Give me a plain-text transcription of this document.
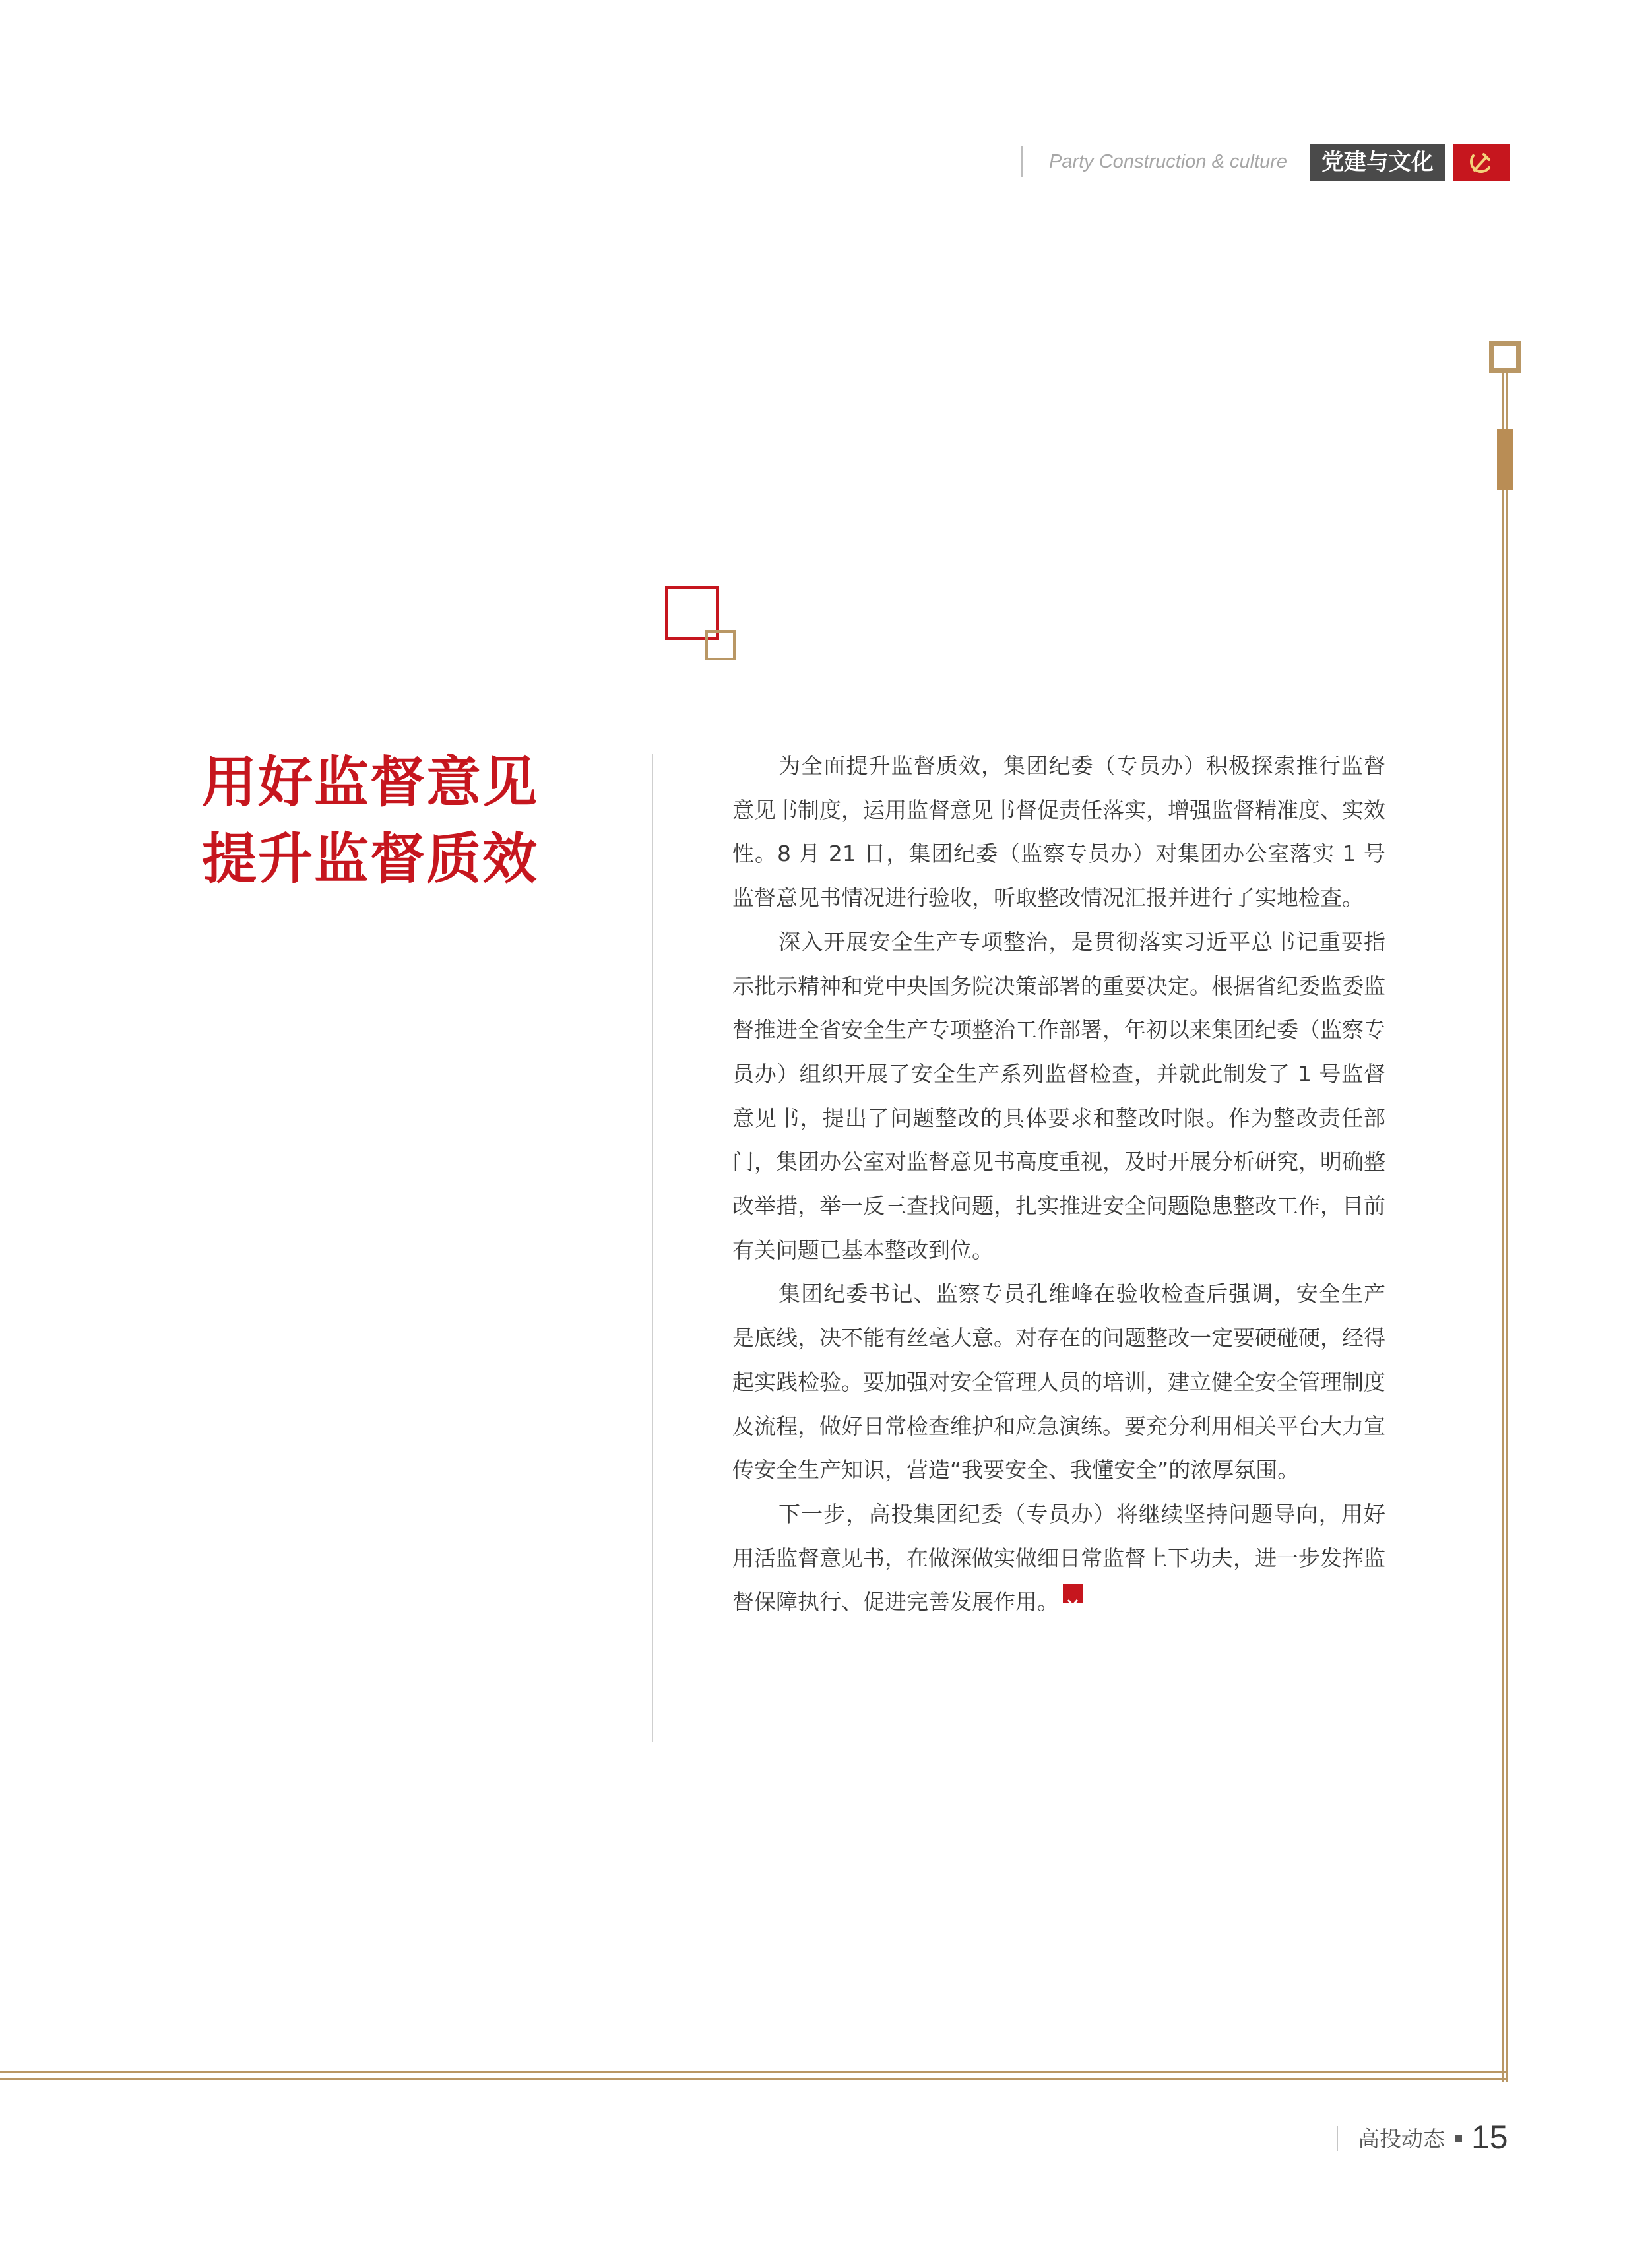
Party Construction & culture	党建与文化
用好监督意见
提升监督质效

为全面提升监督质效，集团纪委（专员办）积极探索推行监督意见书制度，运用监督意见书督促责任落实，增强监督精准度、实效性。8 月 21 日，集团纪委（监察专员办）对集团办公室落实 1 号监督意见书情况进行验收，听取整改情况汇报并进行了实地检查。

深入开展安全生产专项整治，是贯彻落实习近平总书记重要指示批示精神和党中央国务院决策部署的重要决定。根据省纪委监委监督推进全省安全生产专项整治工作部署，年初以来集团纪委（监察专员办）组织开展了安全生产系列监督检查，并就此制发了 1 号监督意见书，提出了问题整改的具体要求和整改时限。作为整改责任部门，集团办公室对监督意见书高度重视，及时开展分析研究，明确整改举措，举一反三查找问题，扎实推进安全问题隐患整改工作，目前有关问题已基本整改到位。

集团纪委书记、监察专员孔维峰在验收检查后强调，安全生产是底线，决不能有丝毫大意。对存在的问题整改一定要硬碰硬，经得起实践检验。要加强对安全管理人员的培训，建立健全安全管理制度及流程，做好日常检查维护和应急演练。要充分利用相关平台大力宣传安全生产知识，营造“我要安全、我懂安全”的浓厚氛围。

下一步，高投集团纪委（专员办）将继续坚持问题导向，用好用活监督意见书，在做深做实做细日常监督上下功夫，进一步发挥监督保障执行、促进完善发展作用。

高投动态 15
